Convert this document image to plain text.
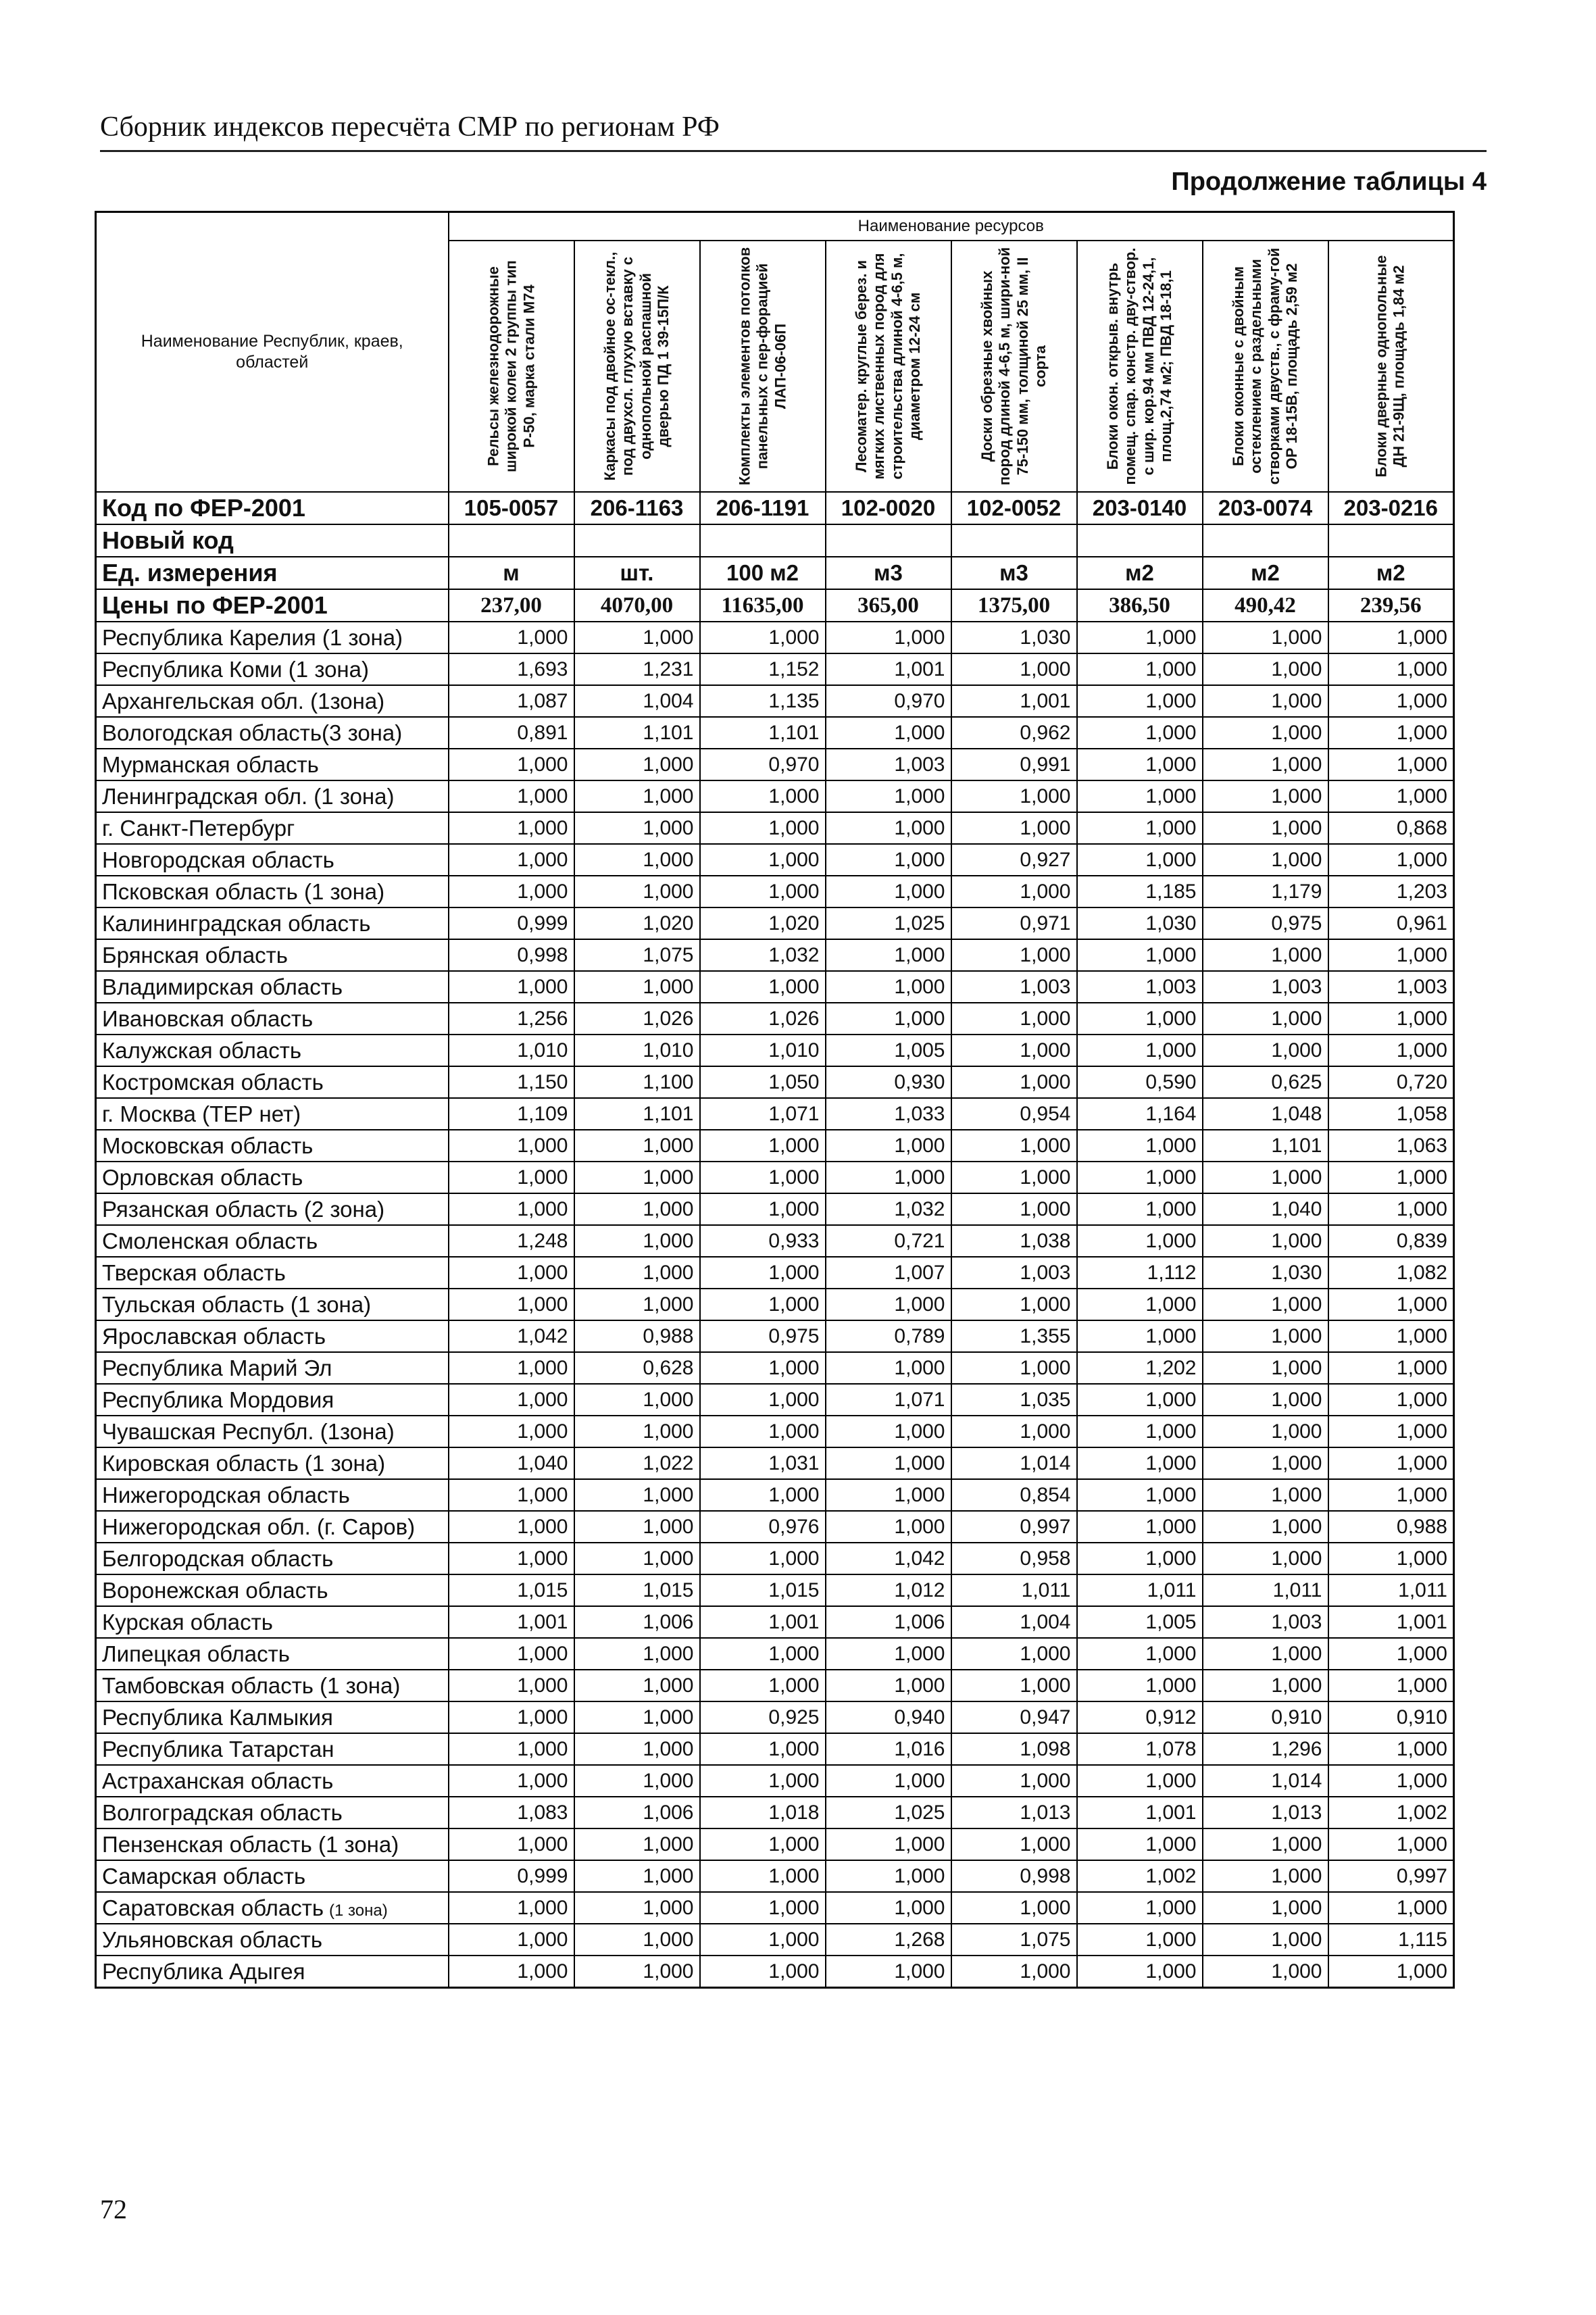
Сборник индексов пересчёта СМР по регионам РФ
Продолжение таблицы 4
Наименование Республик, краев, областей	Наименование ресурсов							

	Рельсы железнодорожные широкой колеи 2 группы тип Р-50, марка стали М74	Каркасы под двойное ос-текл., под двухсл. глухую вставку с однопольной распашной дверью ПД 1 39-15П/К	Комплекты элементов потолков панельных с пер-форацией ЛАП-06-06П	Лесоматер. круглые берез. и мягких лиственных пород для строительства длиной 4-6,5 м, диаметром 12-24 см	Доски обрезные хвойных пород длиной 4-6,5 м, шири-ной 75-150 мм, толщиной 25 мм, II сорта	Блоки окон. открыв. внутрь помещ. спар. констр. дву-створ. с шир. кор.94 мм ПВД 12-24,1, площ.2,74 м2; ПВД 18-18,1	Блоки оконные с двойным остеклением с раздельными створками двуств., с фраму-гой ОР 18-15В, площадь 2,59 м2	Блоки дверные однопольные ДН 21-9Щ, площадь 1,84 м2

Код по ФЕР-2001	105-0057	206-1163	206-1191	102-0020	102-0052	203-0140	203-0074	203-0216
Новый код								
Ед. измерения	м	шт.	100 м2	м3	м3	м2	м2	м2
Цены по ФЕР-2001	237,00	4070,00	11635,00	365,00	1375,00	386,50	490,42	239,56
Республика Карелия (1 зона)	1,000	1,000	1,000	1,000	1,030	1,000	1,000	1,000
Республика Коми (1 зона)	1,693	1,231	1,152	1,001	1,000	1,000	1,000	1,000
Архангельская обл. (1зона)	1,087	1,004	1,135	0,970	1,001	1,000	1,000	1,000
Вологодская область(3 зона)	0,891	1,101	1,101	1,000	0,962	1,000	1,000	1,000
Мурманская область	1,000	1,000	0,970	1,003	0,991	1,000	1,000	1,000
Ленинградская обл. (1 зона)	1,000	1,000	1,000	1,000	1,000	1,000	1,000	1,000
г. Санкт-Петербург	1,000	1,000	1,000	1,000	1,000	1,000	1,000	0,868
Новгородская область	1,000	1,000	1,000	1,000	0,927	1,000	1,000	1,000
Псковская область (1 зона)	1,000	1,000	1,000	1,000	1,000	1,185	1,179	1,203
Калининградская область	0,999	1,020	1,020	1,025	0,971	1,030	0,975	0,961
Брянская область	0,998	1,075	1,032	1,000	1,000	1,000	1,000	1,000
Владимирская область	1,000	1,000	1,000	1,000	1,003	1,003	1,003	1,003
Ивановская область	1,256	1,026	1,026	1,000	1,000	1,000	1,000	1,000
Калужская область	1,010	1,010	1,010	1,005	1,000	1,000	1,000	1,000
Костромская область	1,150	1,100	1,050	0,930	1,000	0,590	0,625	0,720
г. Москва (ТЕР нет)	1,109	1,101	1,071	1,033	0,954	1,164	1,048	1,058
Московская область	1,000	1,000	1,000	1,000	1,000	1,000	1,101	1,063
Орловская область	1,000	1,000	1,000	1,000	1,000	1,000	1,000	1,000
Рязанская область (2 зона)	1,000	1,000	1,000	1,032	1,000	1,000	1,040	1,000
Смоленская область	1,248	1,000	0,933	0,721	1,038	1,000	1,000	0,839
Тверская область	1,000	1,000	1,000	1,007	1,003	1,112	1,030	1,082
Тульская область (1 зона)	1,000	1,000	1,000	1,000	1,000	1,000	1,000	1,000
Ярославская область	1,042	0,988	0,975	0,789	1,355	1,000	1,000	1,000
Республика Марий Эл	1,000	0,628	1,000	1,000	1,000	1,202	1,000	1,000
Республика Мордовия	1,000	1,000	1,000	1,071	1,035	1,000	1,000	1,000
Чувашская Республ. (1зона)	1,000	1,000	1,000	1,000	1,000	1,000	1,000	1,000
Кировская область (1 зона)	1,040	1,022	1,031	1,000	1,014	1,000	1,000	1,000
Нижегородская область	1,000	1,000	1,000	1,000	0,854	1,000	1,000	1,000
Нижегородская обл. (г. Саров)	1,000	1,000	0,976	1,000	0,997	1,000	1,000	0,988
Белгородская область	1,000	1,000	1,000	1,042	0,958	1,000	1,000	1,000
Воронежская область	1,015	1,015	1,015	1,012	1,011	1,011	1,011	1,011
Курская область	1,001	1,006	1,001	1,006	1,004	1,005	1,003	1,001
Липецкая область	1,000	1,000	1,000	1,000	1,000	1,000	1,000	1,000
Тамбовская область (1 зона)	1,000	1,000	1,000	1,000	1,000	1,000	1,000	1,000
Республика Калмыкия	1,000	1,000	0,925	0,940	0,947	0,912	0,910	0,910
Республика Татарстан	1,000	1,000	1,000	1,016	1,098	1,078	1,296	1,000
Астраханская область	1,000	1,000	1,000	1,000	1,000	1,000	1,014	1,000
Волгоградская область	1,083	1,006	1,018	1,025	1,013	1,001	1,013	1,002
Пензенская область (1 зона)	1,000	1,000	1,000	1,000	1,000	1,000	1,000	1,000
Самарская область	0,999	1,000	1,000	1,000	0,998	1,002	1,000	0,997
Саратовская область (1 зона)	1,000	1,000	1,000	1,000	1,000	1,000	1,000	1,000
Ульяновская область	1,000	1,000	1,000	1,268	1,075	1,000	1,000	1,115
Республика Адыгея	1,000	1,000	1,000	1,000	1,000	1,000	1,000	1,000
72
